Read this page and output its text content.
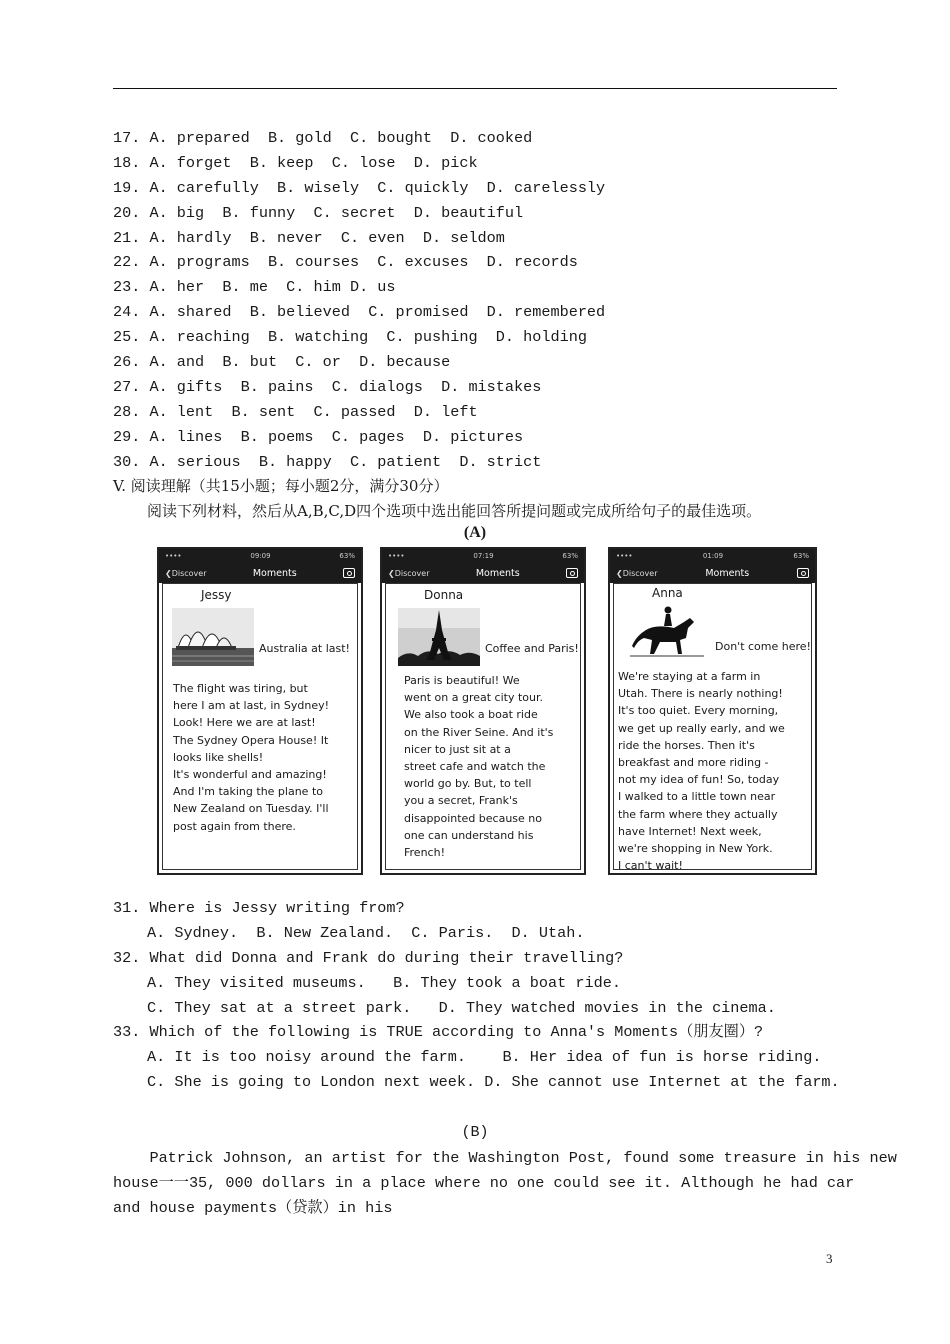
17. A. prepared  B. gold  C. bought  D. cooked
18. A. forget  B. keep  C. lose  D. pick
19. A. carefully  B. wisely  C. quickly  D. carelessly
20. A. big  B. funny  C. secret  D. beautiful
21. A. hardly  B. never  C. even  D. seldom
22. A. programs  B. courses  C. excuses  D. records
23. A. her  B. me  C. him D. us
24. A. shared  B. believed  C. promised  D. remembered
25. A. reaching  B. watching  C. pushing  D. holding
26. A. and  B. but  C. or  D. because
27. A. gifts  B. pains  C. dialogs  D. mistakes
28. A. lent  B. sent  C. passed  D. left
29. A. lines  B. poems  C. pages  D. pictures
30. A. serious  B. happy  C. patient  D. strict
V. 阅读理解（共15小题；每小题2分，满分30分）
阅读下列材料，然后从A,B,C,D四个选项中选出能回答所提问题或完成所给句子的最佳选项。
(A)
••••	09:09	63%
❮Discover	Moments
Jessy
Australia at last!
The flight was tiring, but
here I am at last, in Sydney!
Look! Here we are at last!
The Sydney Opera House! It
looks like shells!
It's wonderful and amazing!
And I'm taking the plane to
New Zealand on Tuesday. I'll
post again from there.
••••	07:19	63%
❮Discover	Moments
Donna
Coffee and Paris!
Paris is beautiful! We
went on a great city tour.
We also took a boat ride
on the River Seine. And it's
nicer to just sit at a
street cafe and watch the
world go by. But, to tell
you a secret, Frank's
disappointed because no
one can understand his
French!
••••	01:09	63%
❮Discover	Moments
Anna
Don't come here!
We're staying at a farm in
Utah. There is nearly nothing!
It's too quiet. Every morning,
we get up really early, and we
ride the horses. Then it's
breakfast and more riding -
not my idea of fun! So, today
I walked to a little town near
the farm where they actually
have Internet! Next week,
we're shopping in New York.
I can't wait!
31. Where is Jessy writing from?
A. Sydney.  B. New Zealand.  C. Paris.  D. Utah.
32. What did Donna and Frank do during their travelling?
A. They visited museums.   B. They took a boat ride.
C. They sat at a street park.   D. They watched movies in the cinema.
33. Which of the following is TRUE according to Anna's Moments（朋友圈）?
A. It is too noisy around the farm.    B. Her idea of fun is horse riding.
C. She is going to London next week. D. She cannot use Internet at the farm.
(B)
Patrick Johnson, an artist for the Washington Post, found some treasure in his new
house一一35, 000 dollars in a place where no one could see it. Although he had car
and house payments（贷款）in his
3
